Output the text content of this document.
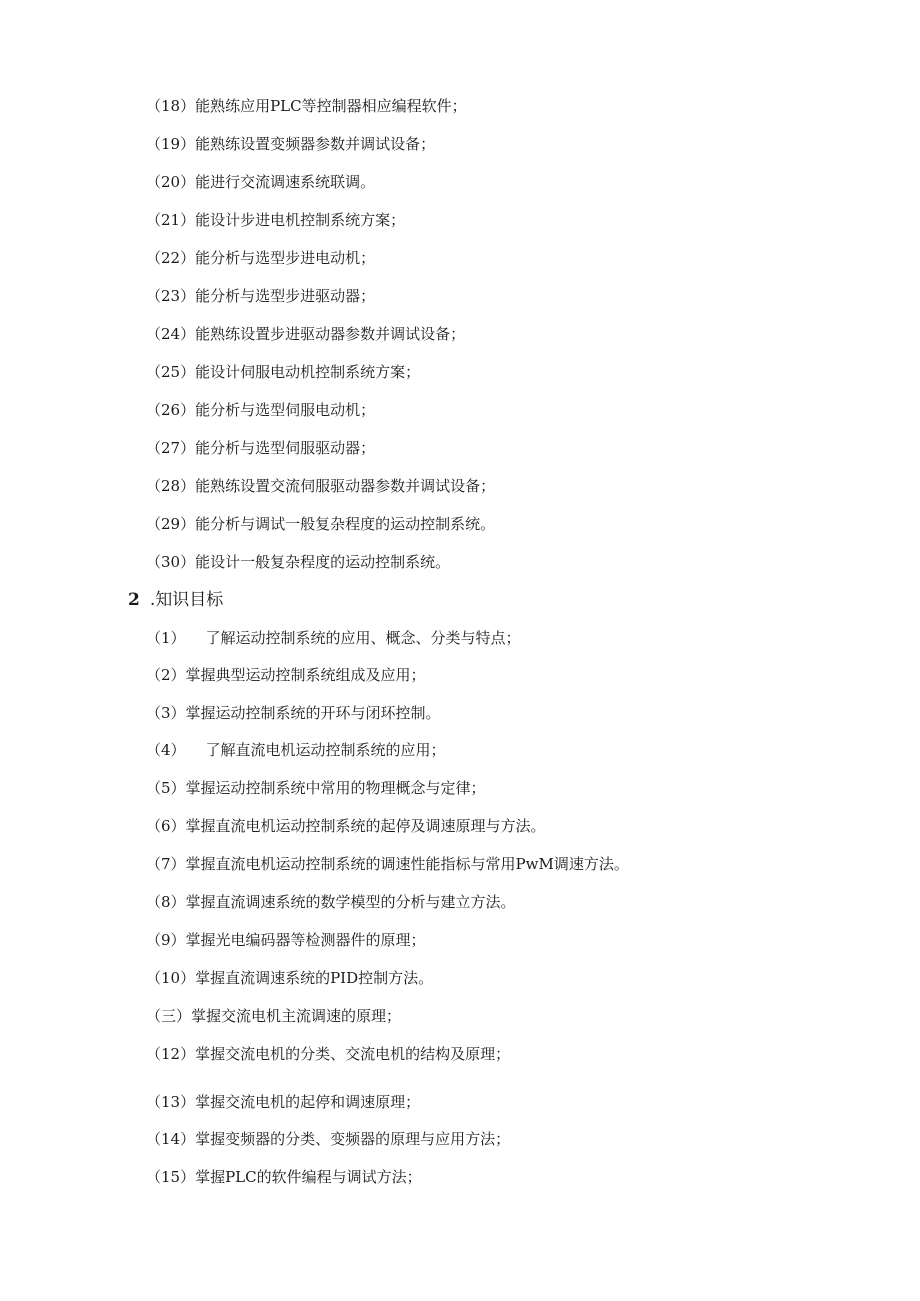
（18）能熟练应用PLC等控制器相应编程软件；
（19）能熟练设置变频器参数并调试设备；
（20）能进行交流调速系统联调。
（21）能设计步进电机控制系统方案；
（22）能分析与选型步进电动机；
（23）能分析与选型步进驱动器；
（24）能熟练设置步进驱动器参数并调试设备；
（25）能设计伺服电动机控制系统方案；
（26）能分析与选型伺服电动机；
（27）能分析与选型伺服驱动器；
（28）能熟练设置交流伺服驱动器参数并调试设备；
（29）能分析与调试一般复杂程度的运动控制系统。
（30）能设计一般复杂程度的运动控制系统。
2 .知识目标
（1） 了解运动控制系统的应用、概念、分类与特点；
（2）掌握典型运动控制系统组成及应用；
（3）掌握运动控制系统的开环与闭环控制。
（4） 了解直流电机运动控制系统的应用；
（5）掌握运动控制系统中常用的物理概念与定律；
（6）掌握直流电机运动控制系统的起停及调速原理与方法。
（7）掌握直流电机运动控制系统的调速性能指标与常用PwM调速方法。
（8）掌握直流调速系统的数学模型的分析与建立方法。
（9）掌握光电编码器等检测器件的原理；
（10）掌握直流调速系统的PID控制方法。
（三）掌握交流电机主流调速的原理；
（12）掌握交流电机的分类、交流电机的结构及原理；
（13）掌握交流电机的起停和调速原理；
（14）掌握变频器的分类、变频器的原理与应用方法；
（15）掌握PLC的软件编程与调试方法；
